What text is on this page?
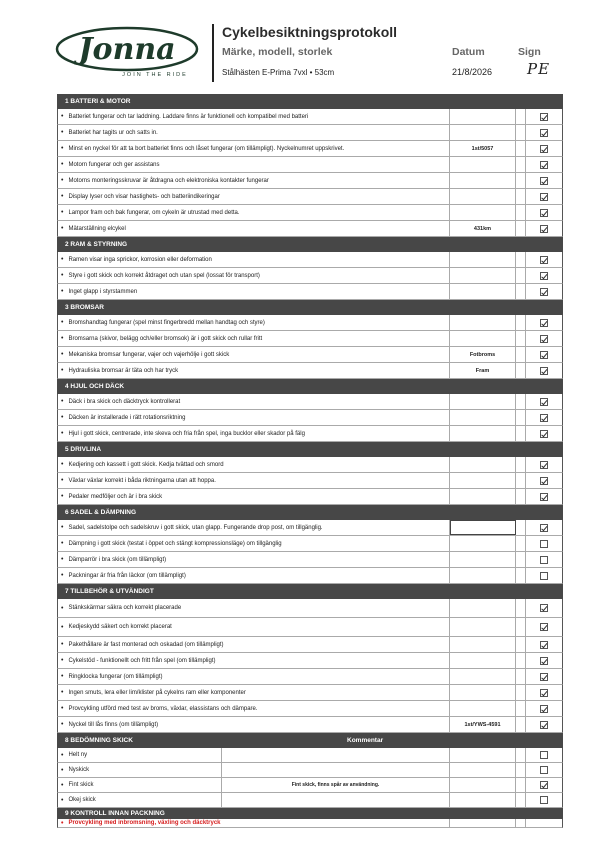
Jonna
JOIN THE RIDE
Cykelbesiktningsprotokoll
Märke, modell, storlek
Stålhästen E-Prima 7vxl • 53cm
Datum
21/8/2026
Sign
PE
1 BATTERI & MOTOR
• Batteriet fungerar och tar laddning. Laddare finns är funktionell och kompatibel med batteri
• Batteriet har tagits ur och satts in.
• Minst en nyckel för att ta bort batteriet finns och låset fungerar (om tillämpligt). Nyckelnumret uppskrivet.	1st/5057
• Motorn fungerar och ger assistans
• Motorns monteringsskruvar är åtdragna och elektroniska kontakter fungerar
• Display lyser och visar hastighets- och batteriindikeringar
• Lampor fram och bak fungerar, om cykeln är utrustad med detta.
• Mätarställning elcykel	431km
2 RAM & STYRNING
• Ramen visar inga sprickor, korrosion eller deformation
• Styre i gott skick och korrekt åtdraget och utan spel (lossat för transport)
• Inget glapp i styrstammen
3 BROMSAR
• Bromshandtag fungerar (spel minst fingerbredd mellan handtag och styre)
• Bromsarna (skivor, belägg och/eller bromsok) är i gott skick och rullar fritt
• Mekaniska bromsar fungerar, vajer och vajerhölje i gott skick	Fotbroms
• Hydrauliska bromsar är täta och har tryck	Fram
4 HJUL OCH DÄCK
• Däck i bra skick och däcktryck kontrollerat
• Däcken är installerade i rätt rotationsriktning
• Hjul i gott skick, centrerade, inte skeva och fria från spel, inga bucklor eller skador på fälg
5 DRIVLINA
• Kedjering och kassett i gott skick. Kedja tvättad och smord
• Växlar växlar korrekt i båda riktningarna utan att hoppa.
• Pedaler medföljer och är i bra skick
6 SADEL & DÄMPNING
• Sadel, sadelstolpe och sadelskruv i gott skick, utan glapp. Fungerande drop post, om tillgänglig.
• Dämpning i gott skick (testat i öppet och stängt kompressionsläge) om tillgänglig
• Dämparrör i bra skick (om tillämpligt)
• Packningar är fria från läckor (om tillämpligt)
7 TILLBEHÖR & UTVÄNDIGT
• Stänkskärmar säkra och korrekt placerade
• Kedjeskydd säkert och korrekt placerat
• Pakethållare är fast monterad och oskadad (om tillämpligt)
• Cykelstöd - funktionellt och fritt från spel (om tillämpligt)
• Ringklocka fungerar (om tillämpligt)
• Ingen smuts, lera eller lim/klister på cykelns ram eller komponenter
• Provcykling utförd med test av broms, växlar, elassistans och dämpare.
• Nyckel till lås finns (om tillämpligt)	1st/YWS-4591
8 BEDÖMNING SKICK	Kommentar
• Helt ny
• Nyskick
• Fint skick	Fint skick, finns spår av användning.
• Okej skick
9 KONTROLL INNAN PACKNING
• Provcykling med inbromsning, växling och däcktryck
